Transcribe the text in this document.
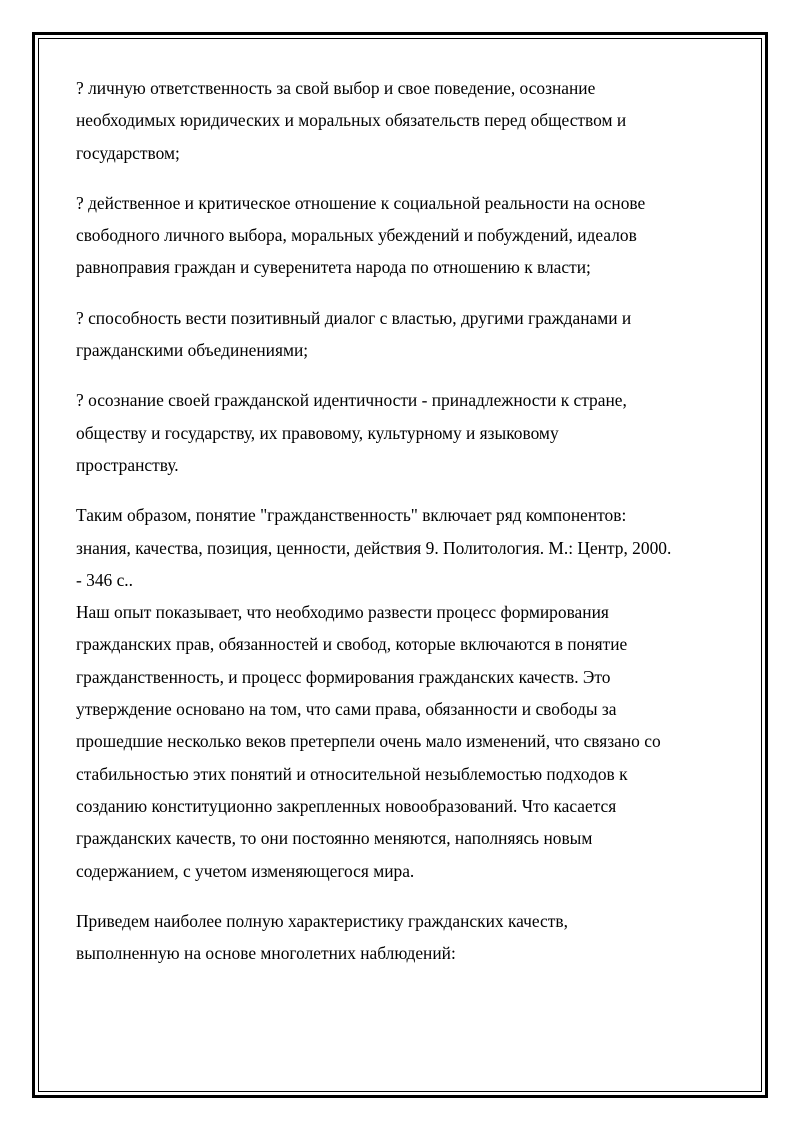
? личную ответственность за свой выбор и свое поведение, осознание
необходимых юридических и моральных обязательств перед обществом и
государством;

? действенное и критическое отношение к социальной реальности на основе
свободного личного выбора, моральных убеждений и побуждений, идеалов
равноправия граждан и суверенитета народа по отношению к власти;

? способность вести позитивный диалог с властью, другими гражданами и
гражданскими объединениями;

? осознание своей гражданской идентичности - принадлежности к стране,
обществу и государству, их правовому, культурному и языковому
пространству.

Таким образом, понятие "гражданственность" включает ряд компонентов:
знания, качества, позиция, ценности, действия 9. Политология. М.: Центр, 2000.
- 346 с..

Наш опыт показывает, что необходимо развести процесс формирования
гражданских прав, обязанностей и свобод, которые включаются в понятие
гражданственность, и процесс формирования гражданских качеств. Это
утверждение основано на том, что сами права, обязанности и свободы за
прошедшие несколько веков претерпели очень мало изменений, что связано со
стабильностью этих понятий и относительной незыблемостью подходов к
созданию конституционно закрепленных новообразований. Что касается
гражданских качеств, то они постоянно меняются, наполняясь новым
содержанием, с учетом изменяющегося мира.

Приведем наиболее полную характеристику гражданских качеств,
выполненную на основе многолетних наблюдений:
